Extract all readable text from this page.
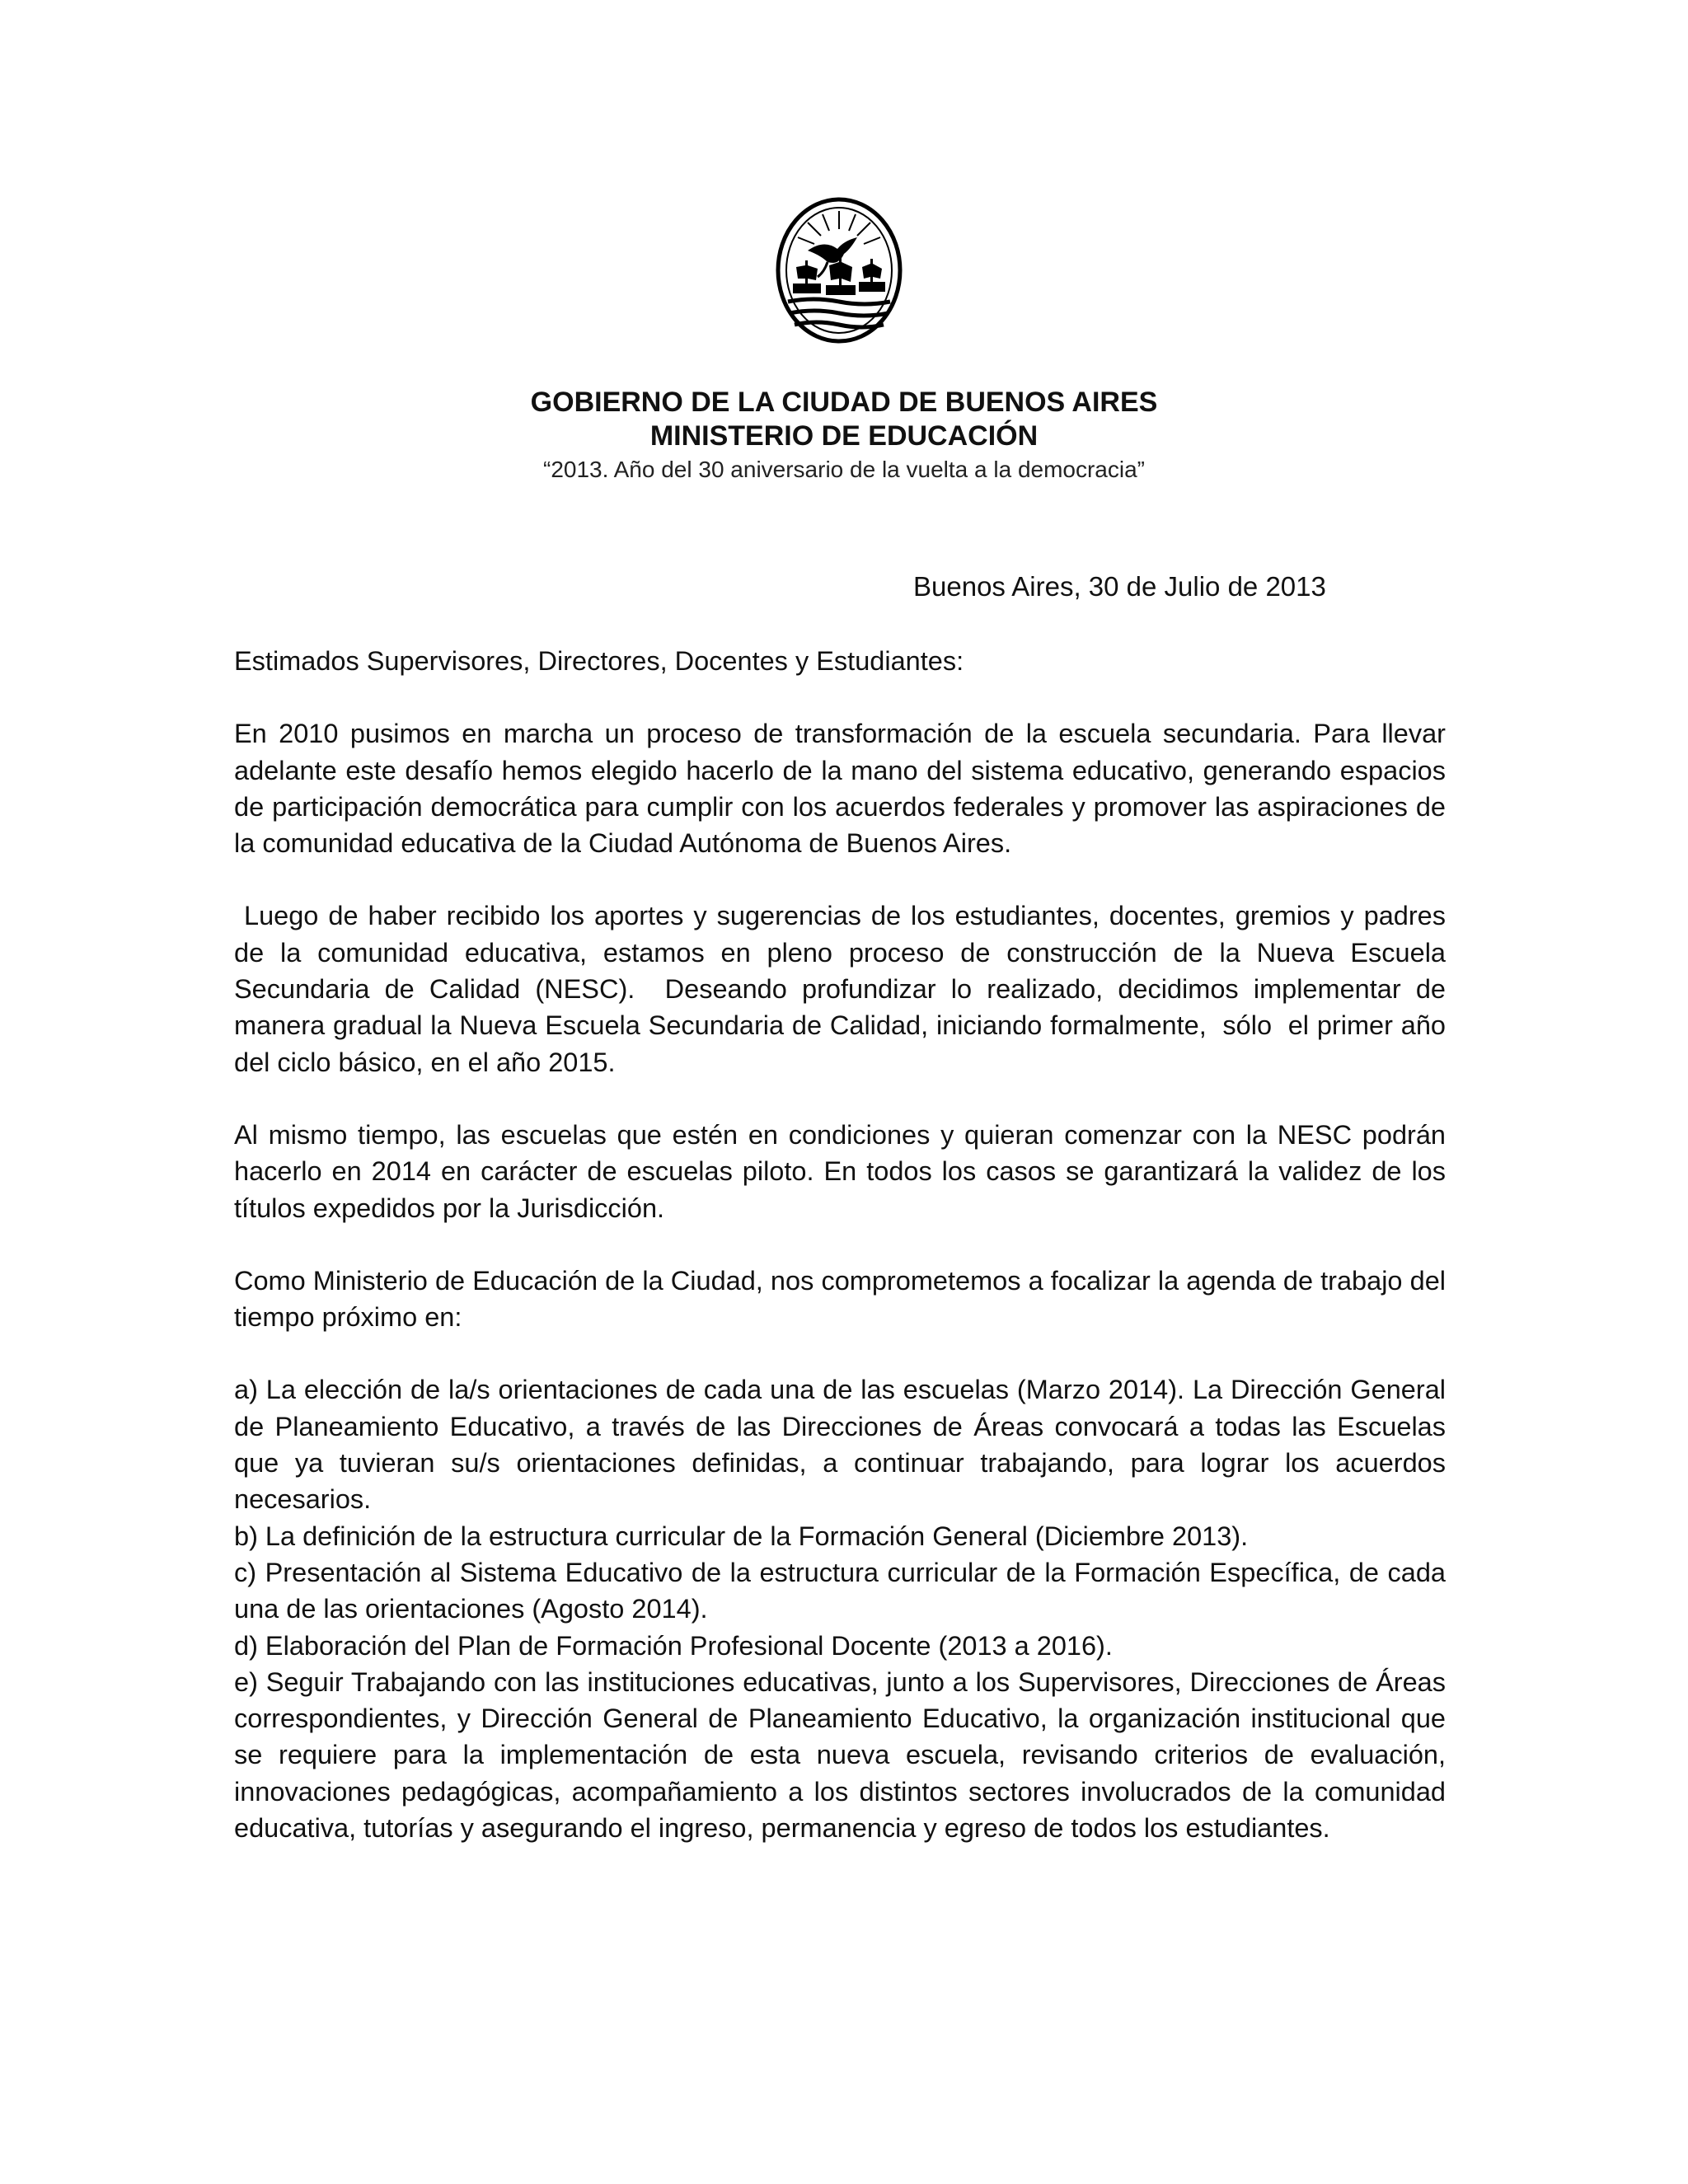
GOBIERNO DE LA CIUDAD DE BUENOS AIRES
MINISTERIO DE EDUCACIÓN
“2013. Año del 30 aniversario de la vuelta a la democracia”
Buenos Aires, 30 de Julio de 2013

Estimados Supervisores, Directores, Docentes y Estudiantes:

En 2010 pusimos en marcha un proceso de transformación de la escuela secundaria. Para llevar adelante este desafío hemos elegido hacerlo de la mano del sistema educativo, generando espacios de participación democrática para cumplir con los acuerdos federales y promover las aspiraciones de la comunidad educativa de la Ciudad Autónoma de Buenos Aires.

Luego de haber recibido los aportes y sugerencias de los estudiantes, docentes, gremios y padres de la comunidad educativa, estamos en pleno proceso de construcción de la Nueva Escuela Secundaria de Calidad (NESC).  Deseando profundizar lo realizado, decidimos implementar de manera gradual la Nueva Escuela Secundaria de Calidad, iniciando formalmente,  sólo  el primer año del ciclo básico, en el año 2015.

Al mismo tiempo, las escuelas que estén en condiciones y quieran comenzar con la NESC podrán hacerlo en 2014 en carácter de escuelas piloto. En todos los casos se garantizará la validez de los títulos expedidos por la Jurisdicción.

Como Ministerio de Educación de la Ciudad, nos comprometemos a focalizar la agenda de trabajo del tiempo próximo en:

a) La elección de la/s orientaciones de cada una de las escuelas (Marzo 2014). La Dirección General de Planeamiento Educativo, a través de las Direcciones de Áreas convocará a todas las Escuelas que ya tuvieran su/s orientaciones definidas, a continuar trabajando, para lograr los acuerdos necesarios.

b) La definición de la estructura curricular de la Formación General (Diciembre 2013).

c) Presentación al Sistema Educativo de la estructura curricular de la Formación Específica, de cada una de las orientaciones (Agosto 2014).

d) Elaboración del Plan de Formación Profesional Docente (2013 a 2016).

e) Seguir Trabajando con las instituciones educativas, junto a los Supervisores, Direcciones de Áreas correspondientes, y Dirección General de Planeamiento Educativo, la organización institucional que se requiere para la implementación de esta nueva escuela, revisando criterios de evaluación, innovaciones pedagógicas, acompañamiento a los distintos sectores involucrados de la comunidad educativa, tutorías y asegurando el ingreso, permanencia y egreso de todos los estudiantes.
